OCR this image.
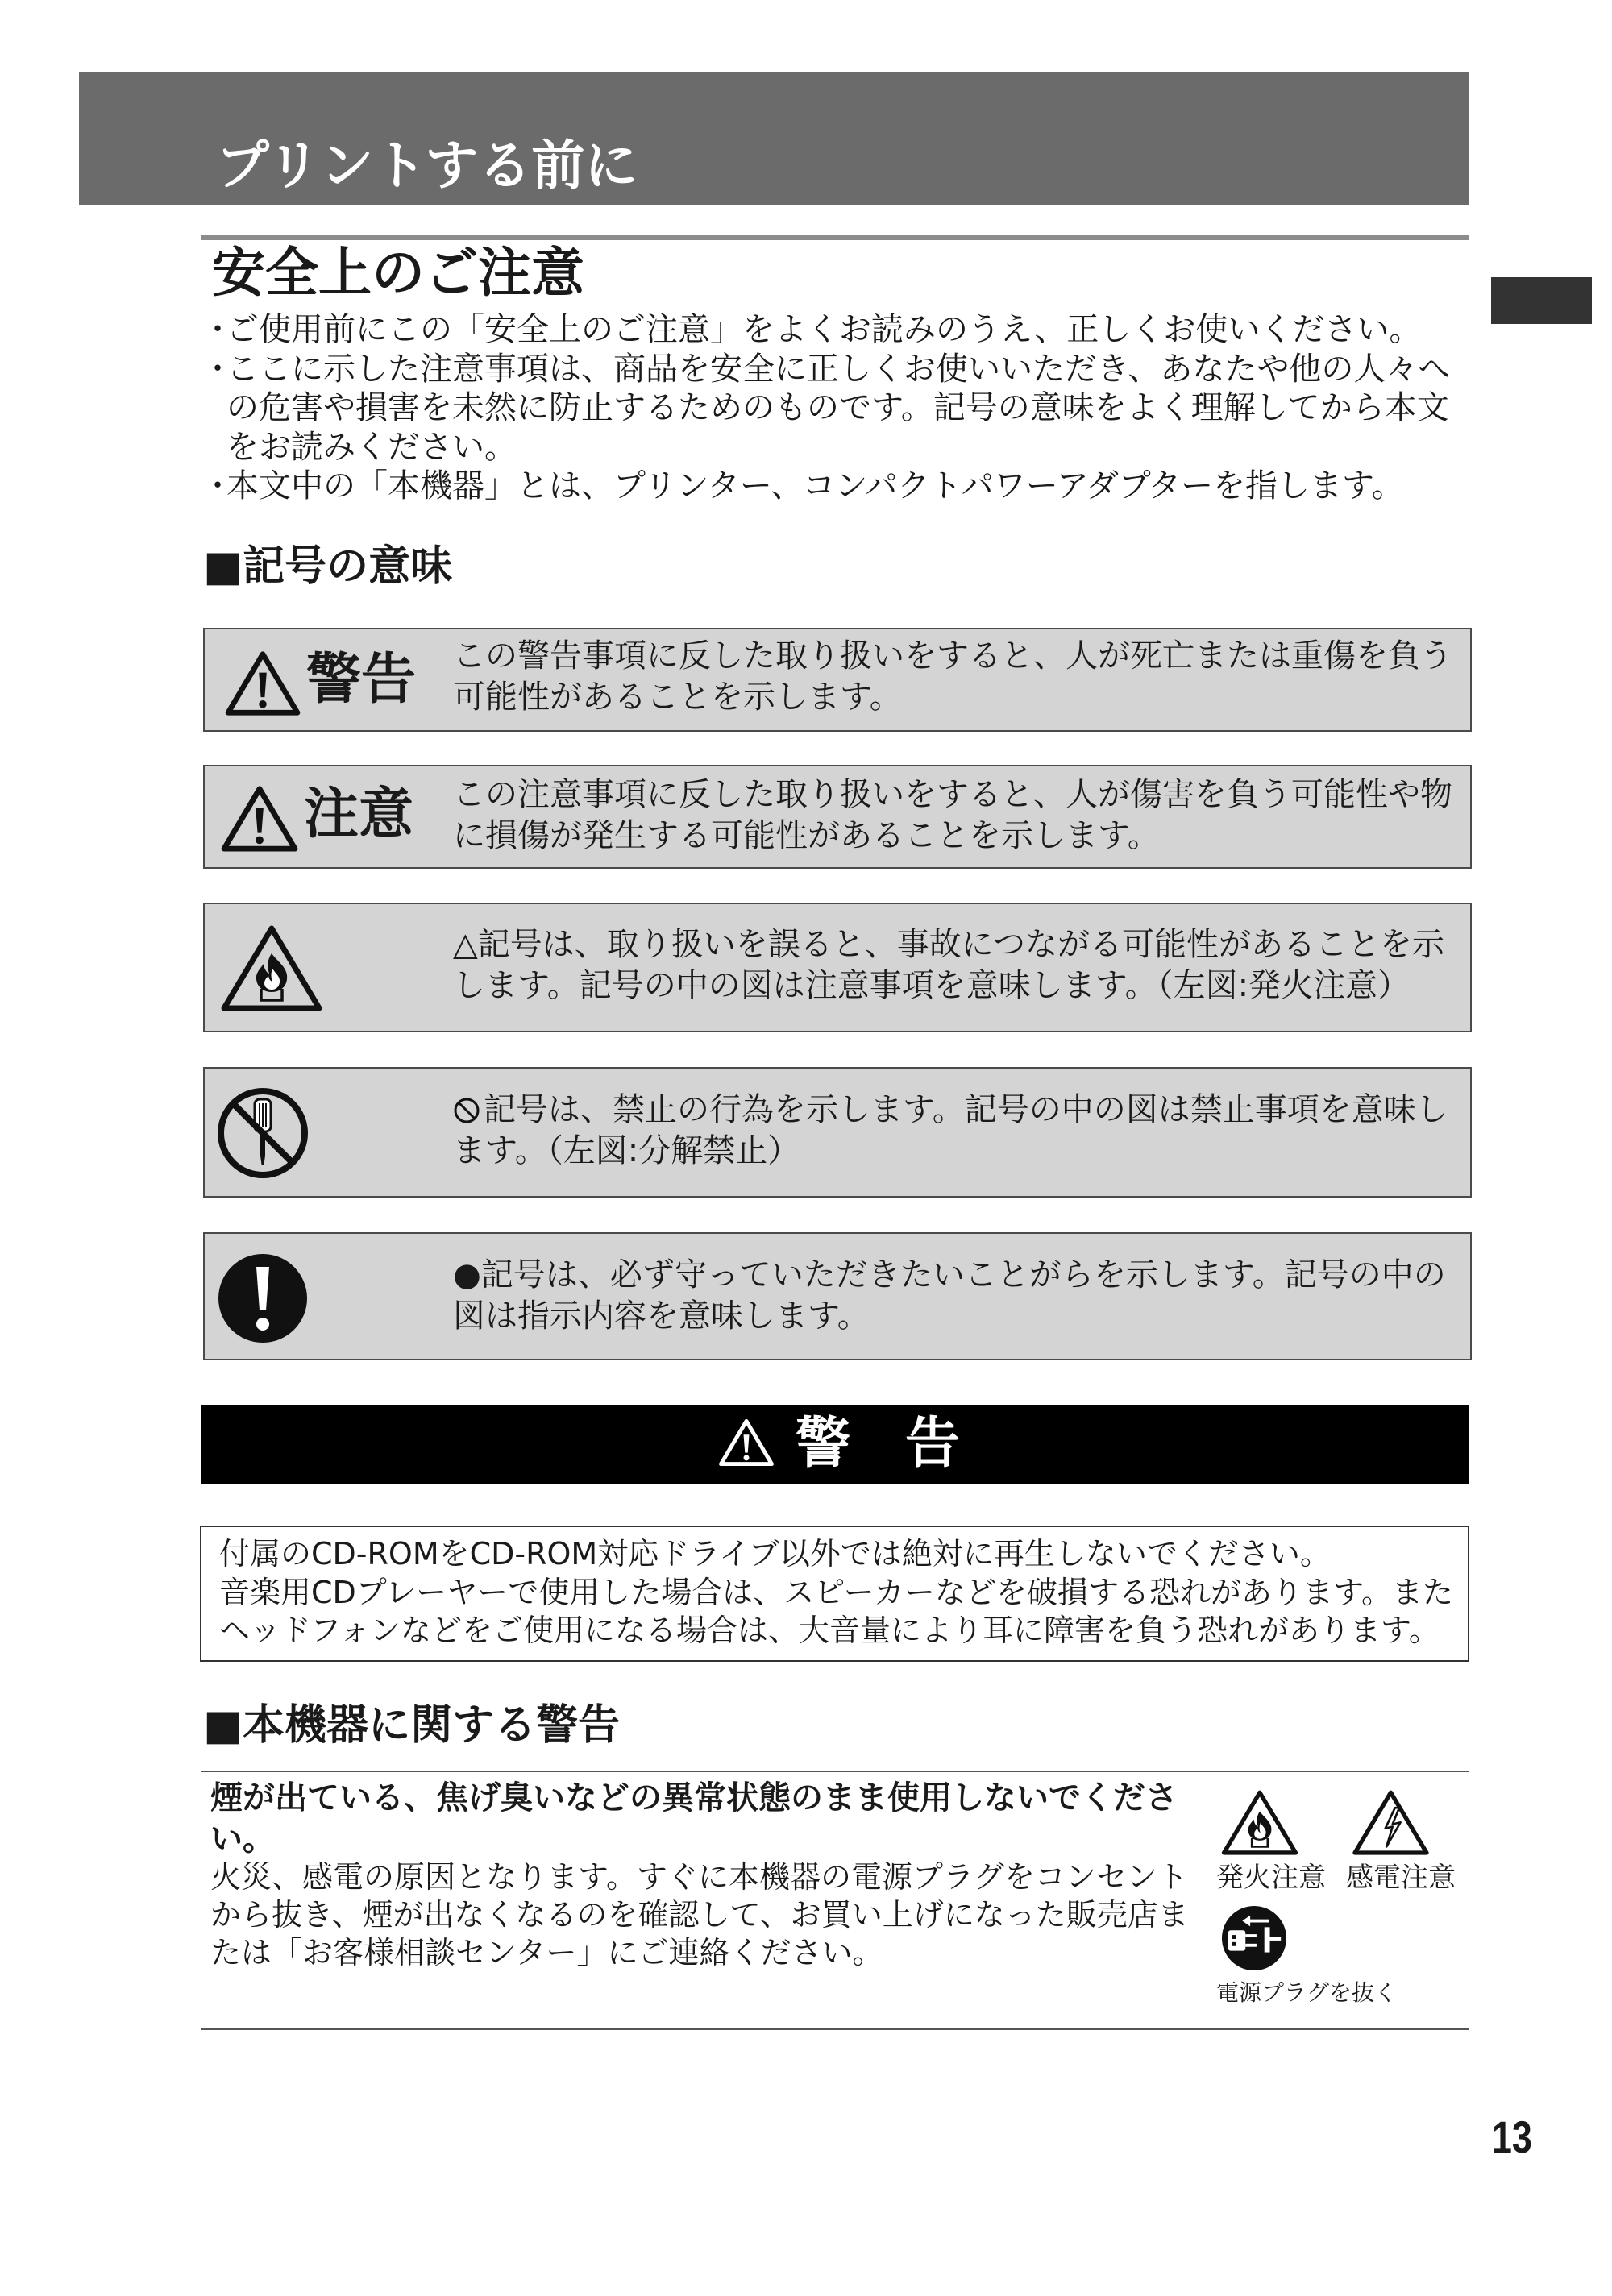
プリントする前に
安全上のご注意
・
ご使用前にこの「安全上のご注意」をよくお読みのうえ、正しくお使いください。
・
ここに示した注意事項は、商品を安全に正しくお使いいただき、あなたや他の人々へ
の危害や損害を未然に防止するためのものです。記号の意味をよく理解してから本文
をお読みください。
・
本文中の「本機器」とは、プリンター、コンパクトパワーアダプターを指します。
■記号の意味
警告 この警告事項に反した取り扱いをすると、人が死亡または重傷を負う
可能性があることを示します。
注意 この注意事項に反した取り扱いをすると、人が傷害を負う可能性や物
に損傷が発生する可能性があることを示します。
△記号は、取り扱いを誤ると、事故につながる可能性があることを示
します。記号の中の図は注意事項を意味します。（左図:発火注意）
記号は、禁止の行為を示します。記号の中の図は禁止事項を意味し
ます。（左図:分解禁止）
●記号は、必ず守っていただきたいことがらを示します。記号の中の
図は指示内容を意味します。
警　告
付属のCD-ROMをCD-ROM対応ドライブ以外では絶対に再生しないでください。
音楽用CDプレーヤーで使用した場合は、スピーカーなどを破損する恐れがあります。また
ヘッドフォンなどをご使用になる場合は、大音量により耳に障害を負う恐れがあります。
■本機器に関する警告
煙が出ている、焦げ臭いなどの異常状態のまま使用しないでくださ
い。
火災、感電の原因となります。すぐに本機器の電源プラグをコンセント
から抜き、煙が出なくなるのを確認して、お買い上げになった販売店ま
たは「お客様相談センター」にご連絡ください。
発火注意 感電注意
電源プラグを抜く
13
